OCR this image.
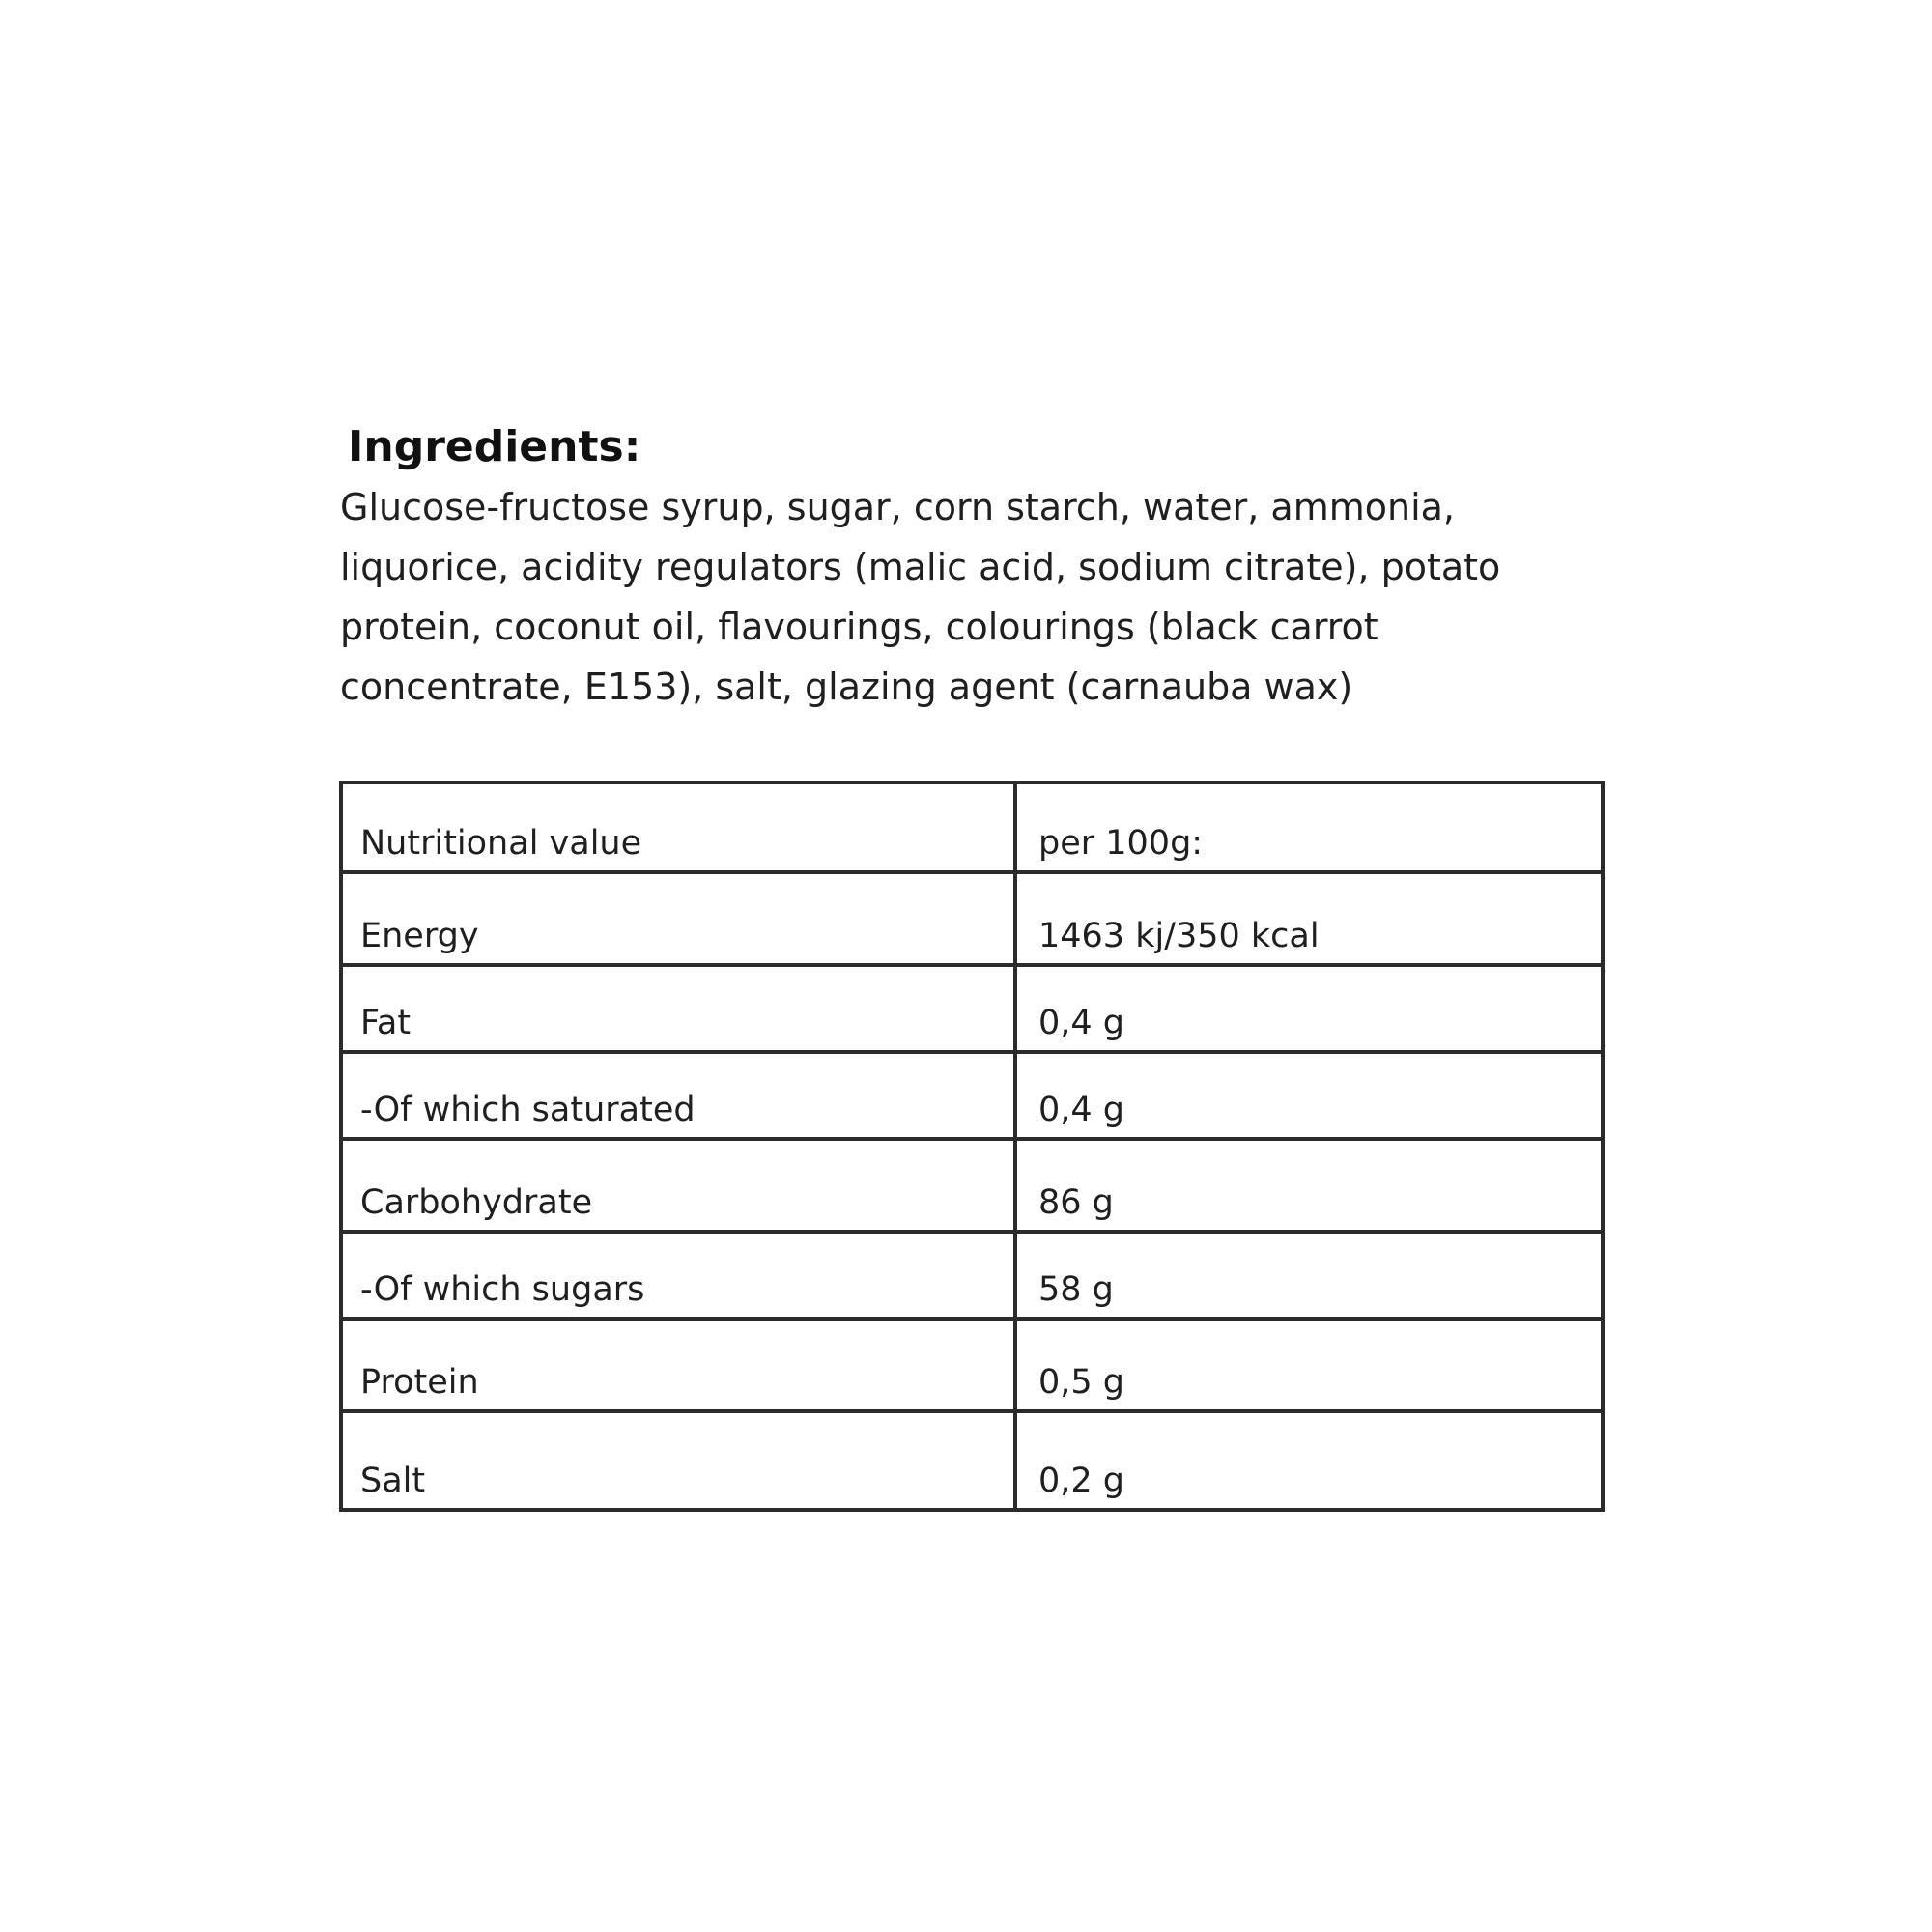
Ingredients:

Glucose-fructose syrup, sugar, corn starch, water, ammonia,
liquorice, acidity regulators (malic acid, sodium citrate), potato
protein, coconut oil, flavourings, colourings (black carrot
concentrate, E153), salt, glazing agent (carnauba wax)

Nutritional value	per 100g:
Energy	1463 kj/350 kcal
Fat	0,4 g
-Of which saturated	0,4 g
Carbohydrate	86 g
-Of which sugars	58 g
Protein	0,5 g
Salt	0,2 g
